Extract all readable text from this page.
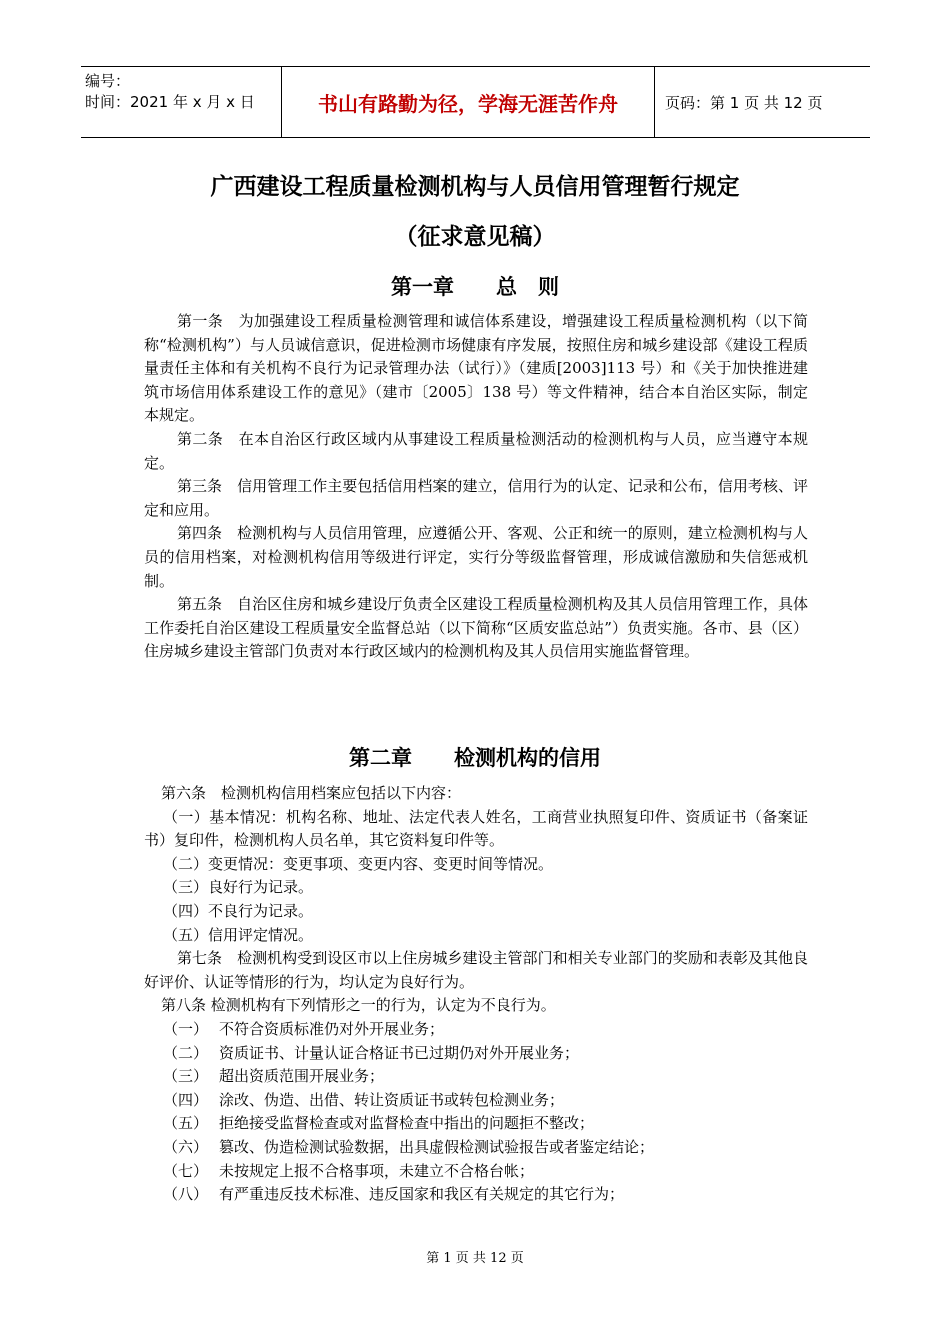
编号：
时间：2021 年 x 月 x 日	书山有路勤为径，学海无涯苦作舟	页码：第 1 页 共 12 页
广西建设工程质量检测机构与人员信用管理暂行规定
（征求意见稿）
第一章　　总　则

第一条　为加强建设工程质量检测管理和诚信体系建设，增强建设工程质量检测机构（以下简称“检测机构”）与人员诚信意识，促进检测市场健康有序发展，按照住房和城乡建设部《建设工程质量责任主体和有关机构不良行为记录管理办法（试行）》（建质[2003]113 号）和《关于加快推进建筑市场信用体系建设工作的意见》（建市〔2005〕138 号）等文件精神，结合本自治区实际，制定本规定。

第二条　在本自治区行政区域内从事建设工程质量检测活动的检测机构与人员，应当遵守本规定。

第三条　信用管理工作主要包括信用档案的建立，信用行为的认定、记录和公布，信用考核、评定和应用。

第四条　检测机构与人员信用管理，应遵循公开、客观、公正和统一的原则，建立检测机构与人员的信用档案，对检测机构信用等级进行评定，实行分等级监督管理，形成诚信激励和失信惩戒机制。

第五条　自治区住房和城乡建设厅负责全区建设工程质量检测机构及其人员信用管理工作，具体工作委托自治区建设工程质量安全监督总站（以下简称“区质安监总站”）负责实施。各市、县（区）住房城乡建设主管部门负责对本行政区域内的检测机构及其人员信用实施监督管理。

第二章　　检测机构的信用

第六条　检测机构信用档案应包括以下内容：

（一）基本情况：机构名称、地址、法定代表人姓名，工商营业执照复印件、资质证书（备案证书）复印件，检测机构人员名单，其它资料复印件等。

（二）变更情况：变更事项、变更内容、变更时间等情况。

（三）良好行为记录。

（四）不良行为记录。

（五）信用评定情况。

第七条　检测机构受到设区市以上住房城乡建设主管部门和相关专业部门的奖励和表彰及其他良好评价、认证等情形的行为，均认定为良好行为。

第八条 检测机构有下列情形之一的行为，认定为不良行为。

（一） 不符合资质标准仍对外开展业务；

（二） 资质证书、计量认证合格证书已过期仍对外开展业务；

（三） 超出资质范围开展业务；

（四） 涂改、伪造、出借、转让资质证书或转包检测业务；

（五） 拒绝接受监督检查或对监督检查中指出的问题拒不整改；

（六） 篡改、伪造检测试验数据，出具虚假检测试验报告或者鉴定结论；

（七） 未按规定上报不合格事项，未建立不合格台帐；

（八） 有严重违反技术标准、违反国家和我区有关规定的其它行为；

第 1 页 共 12 页
